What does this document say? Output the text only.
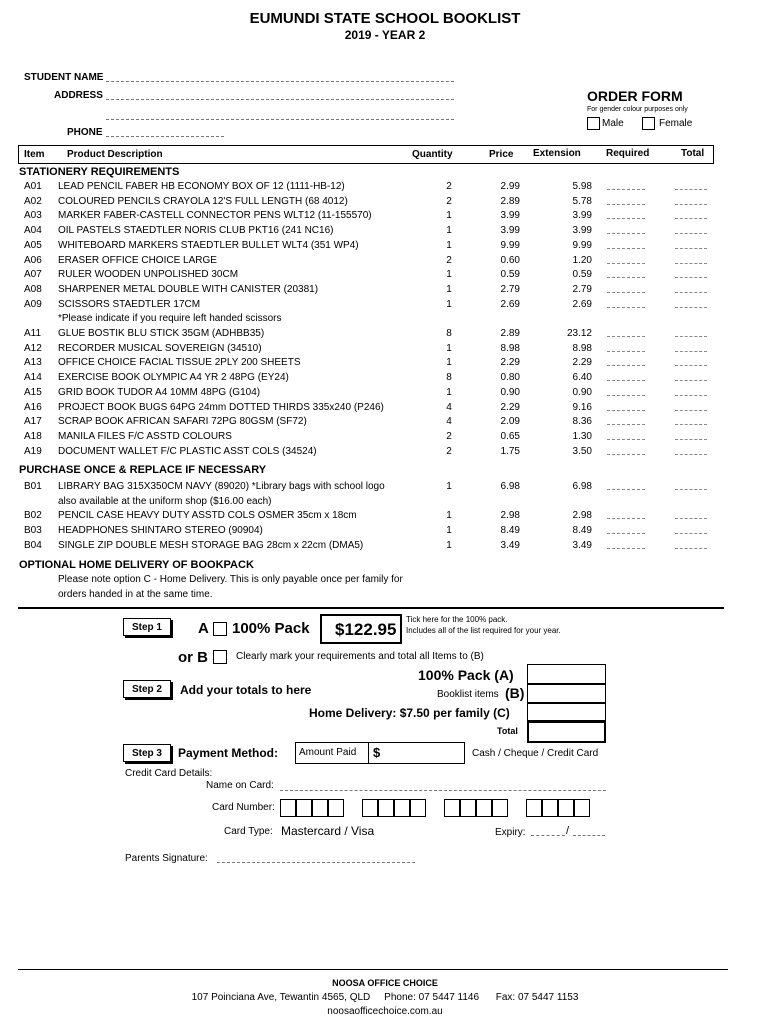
EUMUNDI STATE SCHOOL BOOKLIST
2019 - YEAR 2
STUDENT NAME
ADDRESS
PHONE
ORDER FORM
For gender colour purposes only
Male	Female
Item Product Description	Quantity	Price Extension	Required	Total
STATIONERY REQUIREMENTS
A01 LEAD PENCIL FABER HB ECONOMY BOX OF 12 (1111-HB-12)	2	2.99	5.98
A02 COLOURED PENCILS CRAYOLA 12'S FULL LENGTH (68 4012)	2	2.89	5.78
A03 MARKER FABER-CASTELL CONNECTOR PENS WLT12 (11-155570)	1	3.99	3.99
A04 OIL PASTELS STAEDTLER NORIS CLUB PKT16 (241 NC16)	1	3.99	3.99
A05 WHITEBOARD MARKERS STAEDTLER BULLET WLT4 (351 WP4)	1	9.99	9.99
A06 ERASER OFFICE CHOICE LARGE	2	0.60	1.20
A07 RULER WOODEN UNPOLISHED 30CM	1	0.59	0.59
A08 SHARPENER METAL DOUBLE WITH CANISTER (20381)	1	2.79	2.79
A09 SCISSORS STAEDTLER 17CM	1	2.69	2.69
*Please indicate if you require left handed scissors
A11 GLUE BOSTIK BLU STICK 35GM (ADHBB35)	8	2.89	23.12
A12 RECORDER MUSICAL SOVEREIGN (34510)	1	8.98	8.98
A13 OFFICE CHOICE FACIAL TISSUE 2PLY 200 SHEETS	1	2.29	2.29
A14 EXERCISE BOOK OLYMPIC A4 YR 2 48PG (EY24)	8	0.80	6.40
A15 GRID BOOK TUDOR A4 10MM 48PG (G104)	1	0.90	0.90
A16 PROJECT BOOK BUGS 64PG 24mm DOTTED THIRDS 335x240 (P246)	4	2.29	9.16
A17 SCRAP BOOK AFRICAN SAFARI 72PG 80GSM (SF72)	4	2.09	8.36
A18 MANILA FILES F/C ASSTD COLOURS	2	0.65	1.30
A19 DOCUMENT WALLET F/C PLASTIC ASST COLS (34524)	2	1.75	3.50
PURCHASE ONCE & REPLACE IF NECESSARY
B01 LIBRARY BAG 315X350CM NAVY (89020) *Library bags with school logo	1	6.98	6.98
also available at the uniform shop ($16.00 each)
B02 PENCIL CASE HEAVY DUTY ASSTD COLS OSMER 35cm x 18cm	1	2.98	2.98
B03 HEADPHONES SHINTARO STEREO (90904)	1	8.49	8.49
B04 SINGLE ZIP DOUBLE MESH STORAGE BAG 28cm x 22cm (DMA5)	1	3.49	3.49
OPTIONAL HOME DELIVERY OF BOOKPACK
Please note option C - Home Delivery. This is only payable once per family for
orders handed in at the same time.
Step 1	A 100% Pack $122.95
Tick here for the 100% pack.
Includes all of the list required for your year.
or B	Clearly mark your requirements and total all Items to (B)
Step 2	Add your totals to here
100% Pack (A)
Booklist items (B)
Home Delivery: $7.50 per family (C)
Total
Step 3	Payment Method: Amount Paid $	Cash / Cheque / Credit Card
Credit Card Details:
Name on Card:
Card Number:
Card Type: Mastercard / Visa	Expiry:	/
Parents Signature:
NOOSA OFFICE CHOICE
107 Poinciana Ave, Tewantin 4565, QLD     Phone: 07 5447 1146      Fax: 07 5447 1153
noosaofficechoice.com.au
